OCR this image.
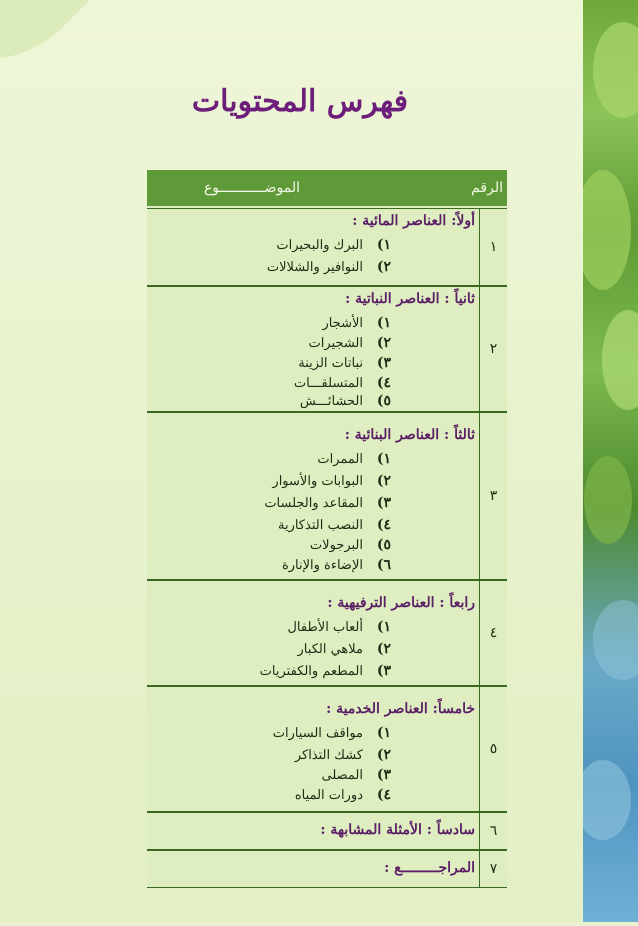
فهرس المحتويات
الرقم
الموضـــــــــــوع
١
أولاً: العناصر المائية :
١)البرك والبحيرات
٢)النوافير والشلالات
٢
ثانياً : العناصر النباتية :
١)الأشجار
٢)الشجيرات
٣)نباتات الزينة
٤)المتسلقـــات
٥)الحشائـــش
٣
ثالثاً : العناصر البنائية :
١)الممرات
٢)البوابات والأسوار
٣)المقاعد والجلسات
٤)النصب التذكارية
٥)البرجولات
٦)الإضاءة والإنارة
٤
رابعاً : العناصر الترفيهية :
١)ألعاب الأطفال
٢)ملاهي الكبار
٣)المطعم والكفتريات
٥
خامساً: العناصر الخدمية :
١)مواقف السيارات
٢)كشك التذاكر
٣)المصلى
٤)دورات المياه
٦
سادساً : الأمثلة المشابهة :
٧
المراجـــــــــع :
